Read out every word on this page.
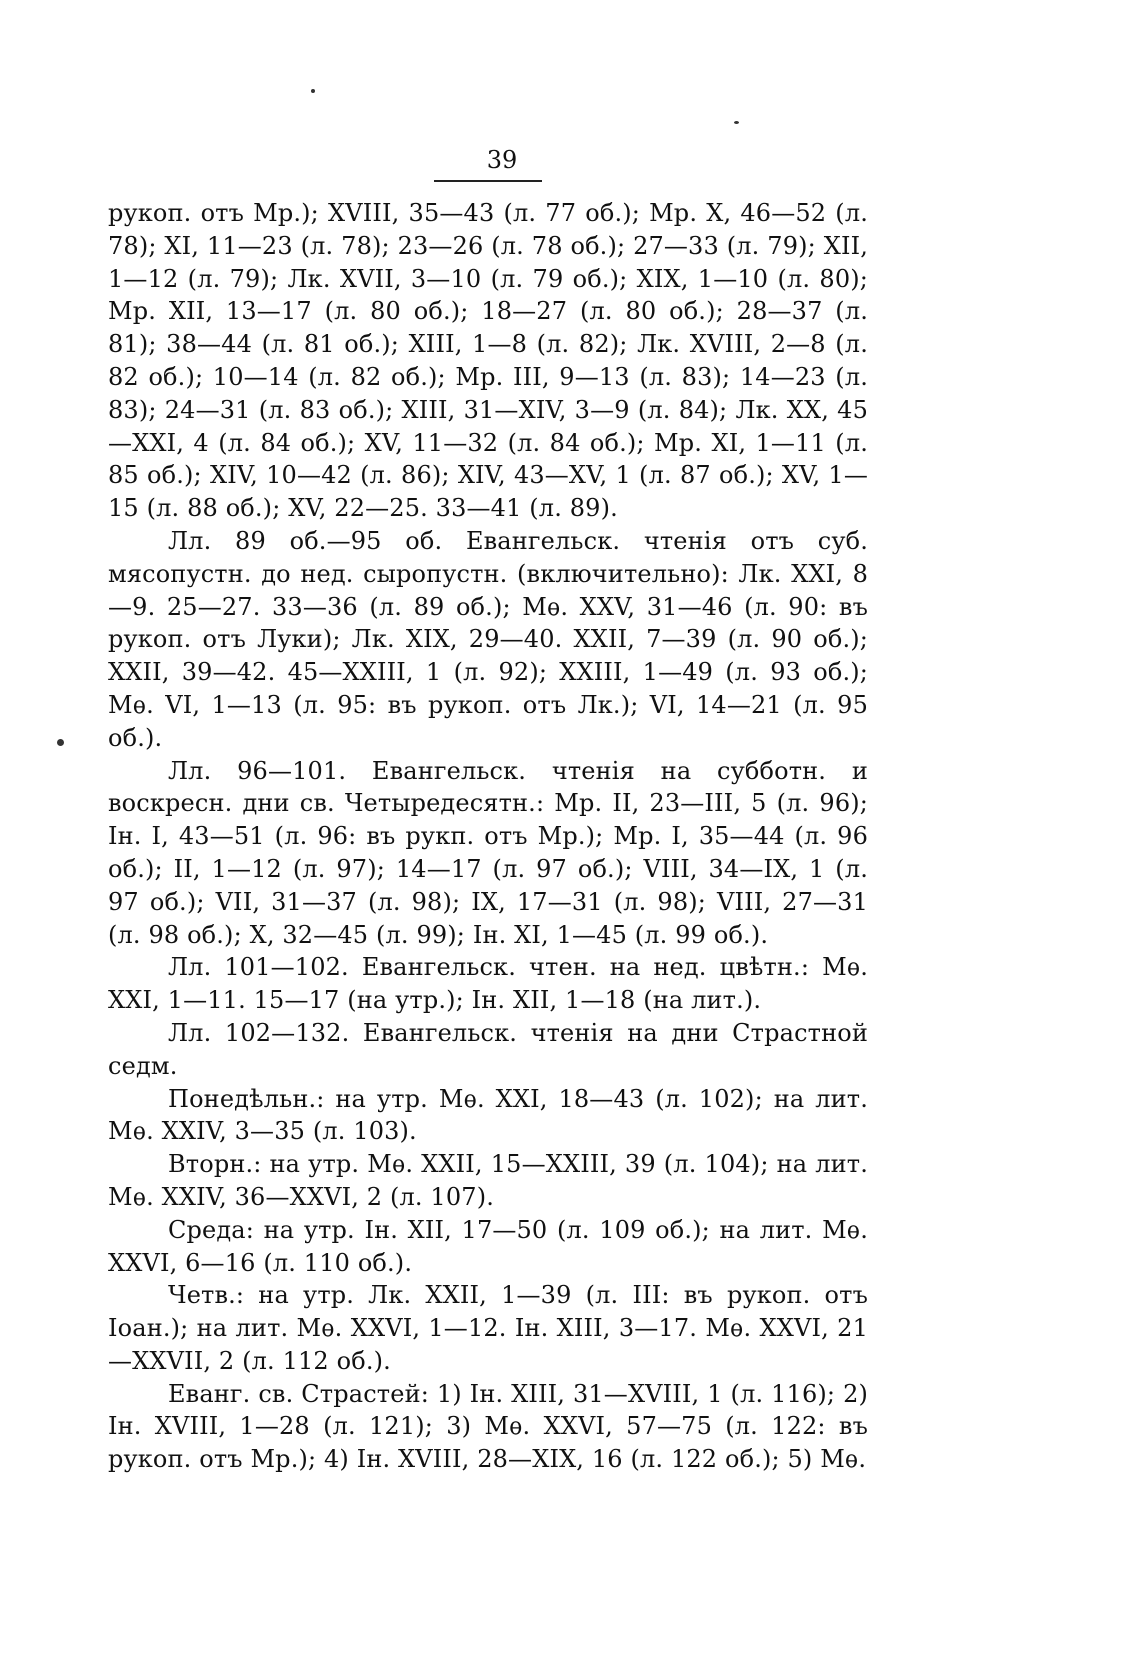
39

рукоп. отъ Мр.); XVIII, 35—43 (л. 77 об.); Мр. X, 46—52 (л. 78); XI, 11—23 (л. 78); 23—26 (л. 78 об.); 27—33 (л. 79); XII, 1—12 (л. 79); Лк. XVII, 3—10 (л. 79 об.); XIX, 1—10 (л. 80); Мр. XII, 13—17 (л. 80 об.); 18—27 (л. 80 об.); 28—37 (л. 81); 38—44 (л. 81 об.); XIII, 1—8 (л. 82); Лк. XVIII, 2—8 (л. 82 об.); 10—14 (л. 82 об.); Мр. III, 9—13 (л. 83); 14—23 (л. 83); 24—31 (л. 83 об.); XIII, 31—XIV, 3—9 (л. 84); Лк. XX, 45—XXI, 4 (л. 84 об.); XV, 11—32 (л. 84 об.); Мр. XI, 1—11 (л. 85 об.); XIV, 10—42 (л. 86); XIV, 43—XV, 1 (л. 87 об.); XV, 1—15 (л. 88 об.); XV, 22—25. 33—41 (л. 89).

Лл. 89 об.—95 об. Евангельск. чтенія отъ суб. мясопустн. до нед. сыропустн. (включительно): Лк. XXI, 8—9. 25—27. 33—36 (л. 89 об.); Мѳ. XXV, 31—46 (л. 90: въ рукоп. отъ Луки); Лк. XIX, 29—40. XXII, 7—39 (л. 90 об.); XXII, 39—42. 45—XXIII, 1 (л. 92); XXIII, 1—49 (л. 93 об.); Мѳ. VI, 1—13 (л. 95: въ рукоп. отъ Лк.); VI, 14—21 (л. 95 об.).

Лл. 96—101. Евангельск. чтенія на субботн. и воскресн. дни св. Четыредесятн.: Мр. II, 23—III, 5 (л. 96); Ін. I, 43—51 (л. 96: въ рукп. отъ Мр.); Мр. I, 35—44 (л. 96 об.); II, 1—12 (л. 97); 14—17 (л. 97 об.); VIII, 34—IX, 1 (л. 97 об.); VII, 31—37 (л. 98); IX, 17—31 (л. 98); VIII, 27—31 (л. 98 об.); X, 32—45 (л. 99); Ін. XI, 1—45 (л. 99 об.).

Лл. 101—102. Евангельск. чтен. на нед. цвѣтн.: Мѳ. XXI, 1—11. 15—17 (на утр.); Ін. XII, 1—18 (на лит.).

Лл. 102—132. Евангельск. чтенія на дни Страстной седм.

Понедѣльн.: на утр. Мѳ. XXI, 18—43 (л. 102); на лит. Мѳ. XXIV, 3—35 (л. 103).

Вторн.: на утр. Мѳ. XXII, 15—XXIII, 39 (л. 104); на лит. Мѳ. XXIV, 36—XXVI, 2 (л. 107).

Среда: на утр. Ін. XII, 17—50 (л. 109 об.); на лит. Мѳ. XXVI, 6—16 (л. 110 об.).

Четв.: на утр. Лк. XXII, 1—39 (л. III: въ рукоп. отъ Іоан.); на лит. Мѳ. XXVI, 1—12. Ін. XIII, 3—17. Мѳ. XXVI, 21—XXVII, 2 (л. 112 об.).

Еванг. св. Страстей: 1) Ін. XIII, 31—XVIII, 1 (л. 116); 2) Ін. XVIII, 1—28 (л. 121); 3) Мѳ. XXVI, 57—75 (л. 122: въ рукоп. отъ Мр.); 4) Ін. XVIII, 28—XIX, 16 (л. 122 об.); 5) Мѳ.
